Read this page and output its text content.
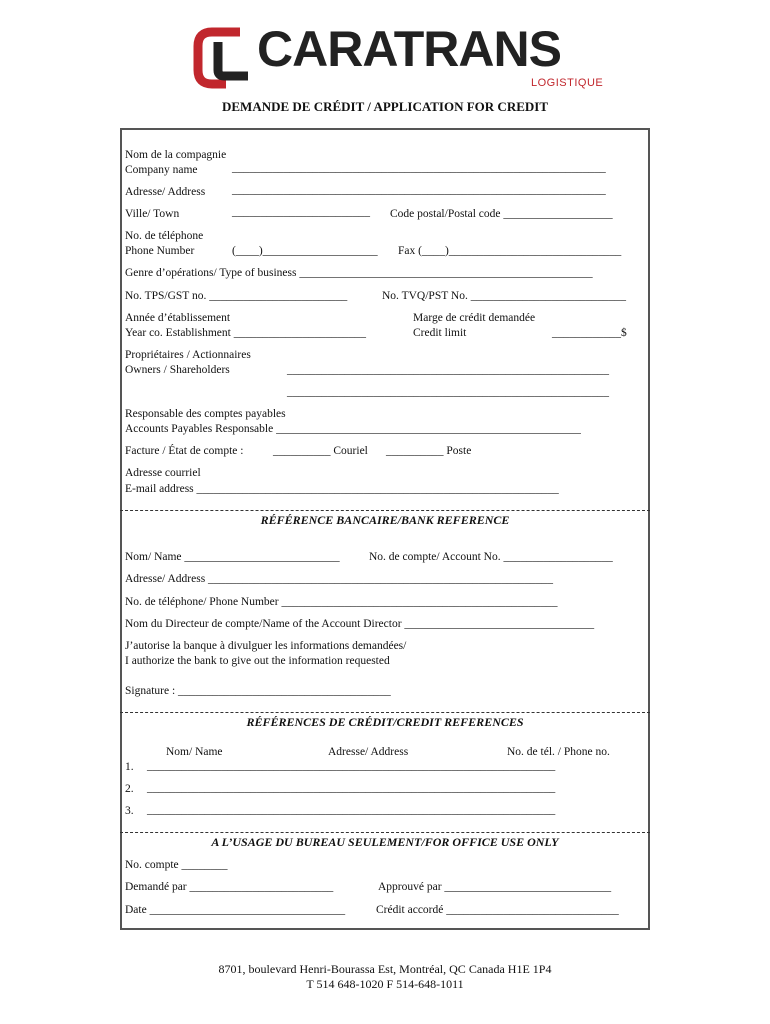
CARATRANS
LOGISTIQUE
DEMANDE DE CRÉDIT / APPLICATION FOR CREDIT
Nom de la compagnie
Company name	_________________________________________________________________
Adresse/ Address _________________________________________________________________
Ville/ Town	________________________ Code postal/Postal code ___________________
No. de téléphone
Phone Number	(____)____________________ Fax (____)______________________________
Genre d’opérations/ Type of business ___________________________________________________
No. TPS/GST no. ________________________	No. TVQ/PST No. ___________________________
Année d’établissement
Year co. Establishment _______________________
Marge de crédit demandée
Credit limit	____________$
Propriétaires / Actionnaires
Owners / Shareholders	________________________________________________________
________________________________________________________
Responsable des comptes payables
Accounts Payables Responsable _____________________________________________________
Facture / État de compte :	__________ Couriel __________ Poste
Adresse courriel
E-mail address _______________________________________________________________
RÉFÉRENCE BANCAIRE/BANK REFERENCE
Nom/ Name ___________________________	No. de compte/ Account No. ___________________
Adresse/ Address ____________________________________________________________
No. de téléphone/ Phone Number ________________________________________________
Nom du Directeur de compte/Name of the Account Director _________________________________
J’autorise la banque à divulguer les informations demandées/
I authorize the bank to give out the information requested
Signature : _____________________________________
RÉFÉRENCES DE CRÉDIT/CREDIT REFERENCES
Nom/ Name	Adresse/ Address	No. de tél. / Phone no.
1. _______________________________________________________________________
2. _______________________________________________________________________
3. _______________________________________________________________________
A L’USAGE DU BUREAU SEULEMENT/FOR OFFICE USE ONLY
No. compte ________
Demandé par _________________________	Approuvé par _____________________________
Date __________________________________	Crédit accordé ______________________________
8701, boulevard Henri-Bourassa Est, Montréal, QC Canada H1E 1P4
T 514 648-1020 F 514-648-1011
